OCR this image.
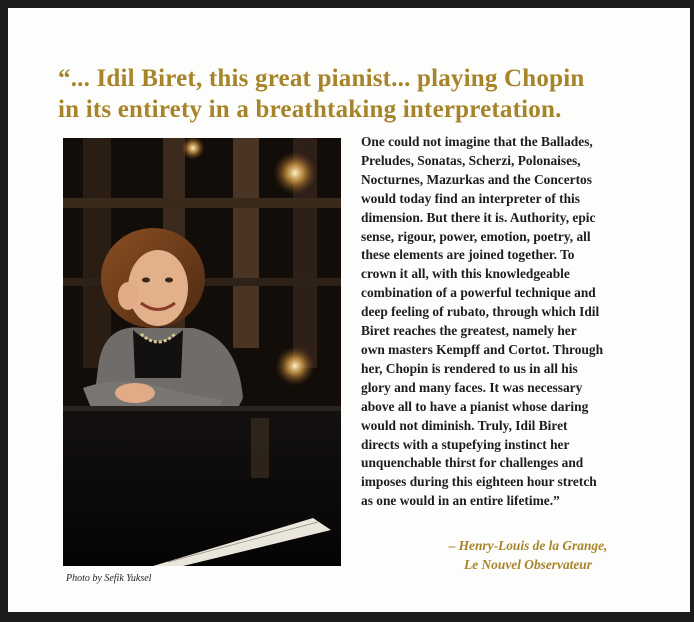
“... Idil Biret, this great pianist... playing Chopin
in its entirety in a breathtaking interpretation.
Photo by Sefik Yuksel
One could not imagine that the Ballades,
Preludes, Sonatas, Scherzi, Polonaises,
Nocturnes, Mazurkas and the Concertos
would today find an interpreter of this
dimension. But there it is. Authority, epic
sense, rigour, power, emotion, poetry, all
these elements are joined together. To
crown it all, with this knowledgeable
combination of a powerful technique and
deep feeling of rubato, through which Idil
Biret reaches the greatest, namely her
own masters Kempff and Cortot. Through
her, Chopin is rendered to us in all his
glory and many faces. It was necessary
above all to have a pianist whose daring
would not diminish. Truly, Idil Biret
directs with a stupefying instinct her
unquenchable thirst for challenges and
imposes during this eighteen hour stretch
as one would in an entire lifetime.”
– Henry-Louis de la Grange,
Le Nouvel Observateur
